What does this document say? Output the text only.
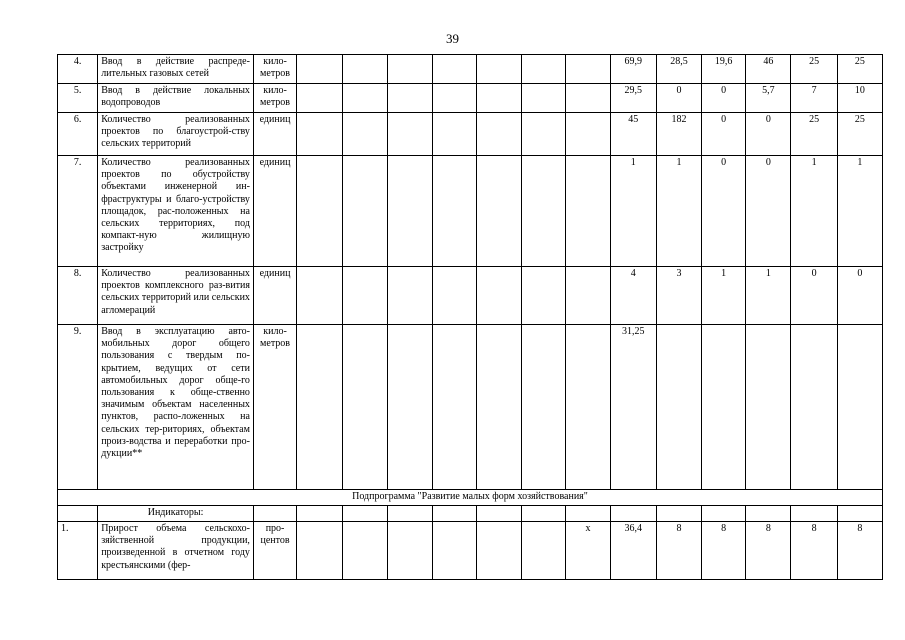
39
4.	Ввод в действие распреде-лительных газовых сетей	кило-метров								69,9	28,5	19,6	46	25	25
5.	Ввод в действие локальных водопроводов	кило-метров								29,5	0	0	5,7	7	10
6.	Количество реализованных проектов по благоустрой-ству сельских территорий	единиц								45	182	0	0	25	25
7.	Количество реализованных проектов по обустройству объектами инженерной ин-фраструктуры и благо-устройству площадок, рас-положенных на сельских территориях, под компакт-ную жилищную застройку	единиц								1	1	0	0	1	1
8.	Количество реализованных проектов комплексного раз-вития сельских территорий или сельских агломераций	единиц								4	3	1	1	0	0
9.	Ввод в эксплуатацию авто-мобильных дорог общего пользования с твердым по-крытием, ведущих от сети автомобильных дорог обще-го пользования к обще-ственно значимым объектам населенных пунктов, распо-ложенных на сельских тер-риториях, объектам произ-водства и переработки про-дукции**	кило-метров								31,25					
Подпрограмма "Развитие малых форм хозяйствования"															
	Индикаторы:														
1.	Прирост объема сельскохо-зяйственной продукции, произведенной в отчетном году крестьянскими (фер-	про-центов							х	36,4	8	8	8	8	8
